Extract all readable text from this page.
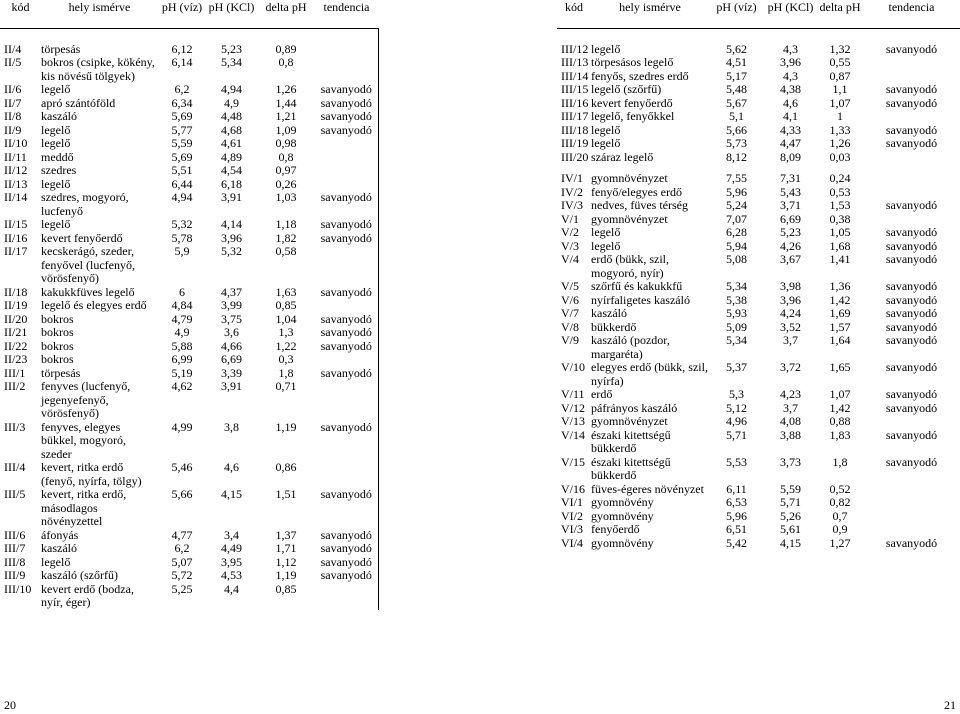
kód	hely ismérve	pH (víz)	pH (KCl)	delta pH	tendencia

II/4	törpesás	6,12	5,23	0,89	
II/5	bokros (csipke, kökény, kis növésű tölgyek)	6,14	5,34	0,8	
II/6	legelő	6,2	4,94	1,26	savanyodó
II/7	apró szántóföld	6,34	4,9	1,44	savanyodó
II/8	kaszáló	5,69	4,48	1,21	savanyodó
II/9	legelő	5,77	4,68	1,09	savanyodó
II/10	legelő	5,59	4,61	0,98	
II/11	meddő	5,69	4,89	0,8	
II/12	szedres	5,51	4,54	0,97	
II/13	legelő	6,44	6,18	0,26	
II/14	szedres, mogyoró, lucfenyő	4,94	3,91	1,03	savanyodó
II/15	legelő	5,32	4,14	1,18	savanyodó
II/16	kevert fenyőerdő	5,78	3,96	1,82	savanyodó
II/17	kecskerágó, szeder, fenyővel (lucfenyő, vörösfenyő)	5,9	5,32	0,58	
II/18	kakukkfüves legelő	6	4,37	1,63	savanyodó
II/19	legelő és elegyes erdő	4,84	3,99	0,85	
II/20	bokros	4,79	3,75	1,04	savanyodó
II/21	bokros	4,9	3,6	1,3	savanyodó
II/22	bokros	5,88	4,66	1,22	savanyodó
II/23	bokros	6,99	6,69	0,3	
III/1	törpesás	5,19	3,39	1,8	savanyodó
III/2	fenyves (lucfenyő, jegenyefenyő, vörösfenyő)	4,62	3,91	0,71	
III/3	fenyves, elegyes bükkel, mogyoró, szeder	4,99	3,8	1,19	savanyodó
III/4	kevert, ritka erdő (fenyő, nyírfa, tölgy)	5,46	4,6	0,86	
III/5	kevert, ritka erdő, másodlagos növényzettel	5,66	4,15	1,51	savanyodó
III/6	áfonyás	4,77	3,4	1,37	savanyodó
III/7	kaszáló	6,2	4,49	1,71	savanyodó
III/8	legelő	5,07	3,95	1,12	savanyodó
III/9	kaszáló (szőrfű)	5,72	4,53	1,19	savanyodó
III/10	kevert erdő (bodza, nyír, éger)	5,25	4,4	0,85	
kód	hely ismérve	pH (víz)	pH (KCl)	delta pH	tendencia

III/12	legelő	5,62	4,3	1,32	savanyodó
III/13	törpesásos legelő	4,51	3,96	0,55	
III/14	fenyős, szedres erdő	5,17	4,3	0,87	
III/15	legelő (szőrfű)	5,48	4,38	1,1	savanyodó
III/16	kevert fenyőerdő	5,67	4,6	1,07	savanyodó
III/17	legelő, fenyőkkel	5,1	4,1	1	
III/18	legelő	5,66	4,33	1,33	savanyodó
III/19	legelő	5,73	4,47	1,26	savanyodó
III/20	száraz legelő	8,12	8,09	0,03	

IV/1	gyomnövényzet	7,55	7,31	0,24	
IV/2	fenyő/elegyes erdő	5,96	5,43	0,53	
IV/3	nedves, füves térség	5,24	3,71	1,53	savanyodó
V/1	gyomnövényzet	7,07	6,69	0,38	
V/2	legelő	6,28	5,23	1,05	savanyodó
V/3	legelő	5,94	4,26	1,68	savanyodó
V/4	erdő (bükk, szil, mogyoró, nyír)	5,08	3,67	1,41	savanyodó
V/5	szőrfű és kakukkfű	5,34	3,98	1,36	savanyodó
V/6	nyírfaligetes kaszáló	5,38	3,96	1,42	savanyodó
V/7	kaszáló	5,93	4,24	1,69	savanyodó
V/8	bükkerdő	5,09	3,52	1,57	savanyodó
V/9	kaszáló (pozdor, margaréta)	5,34	3,7	1,64	savanyodó
V/10	elegyes erdő (bükk, szil, nyírfa)	5,37	3,72	1,65	savanyodó
V/11	erdő	5,3	4,23	1,07	savanyodó
V/12	páfrányos kaszáló	5,12	3,7	1,42	savanyodó
V/13	gyomnövényzet	4,96	4,08	0,88	
V/14	északi kitettségű bükkerdő	5,71	3,88	1,83	savanyodó
V/15	északi kitettségű bükkerdő	5,53	3,73	1,8	savanyodó
V/16	füves-égeres növényzet	6,11	5,59	0,52	
VI/1	gyomnövény	6,53	5,71	0,82	
VI/2	gyomnövény	5,96	5,26	0,7	
VI/3	fenyőerdő	6,51	5,61	0,9	
VI/4	gyomnövény	5,42	4,15	1,27	savanyodó
20	21
